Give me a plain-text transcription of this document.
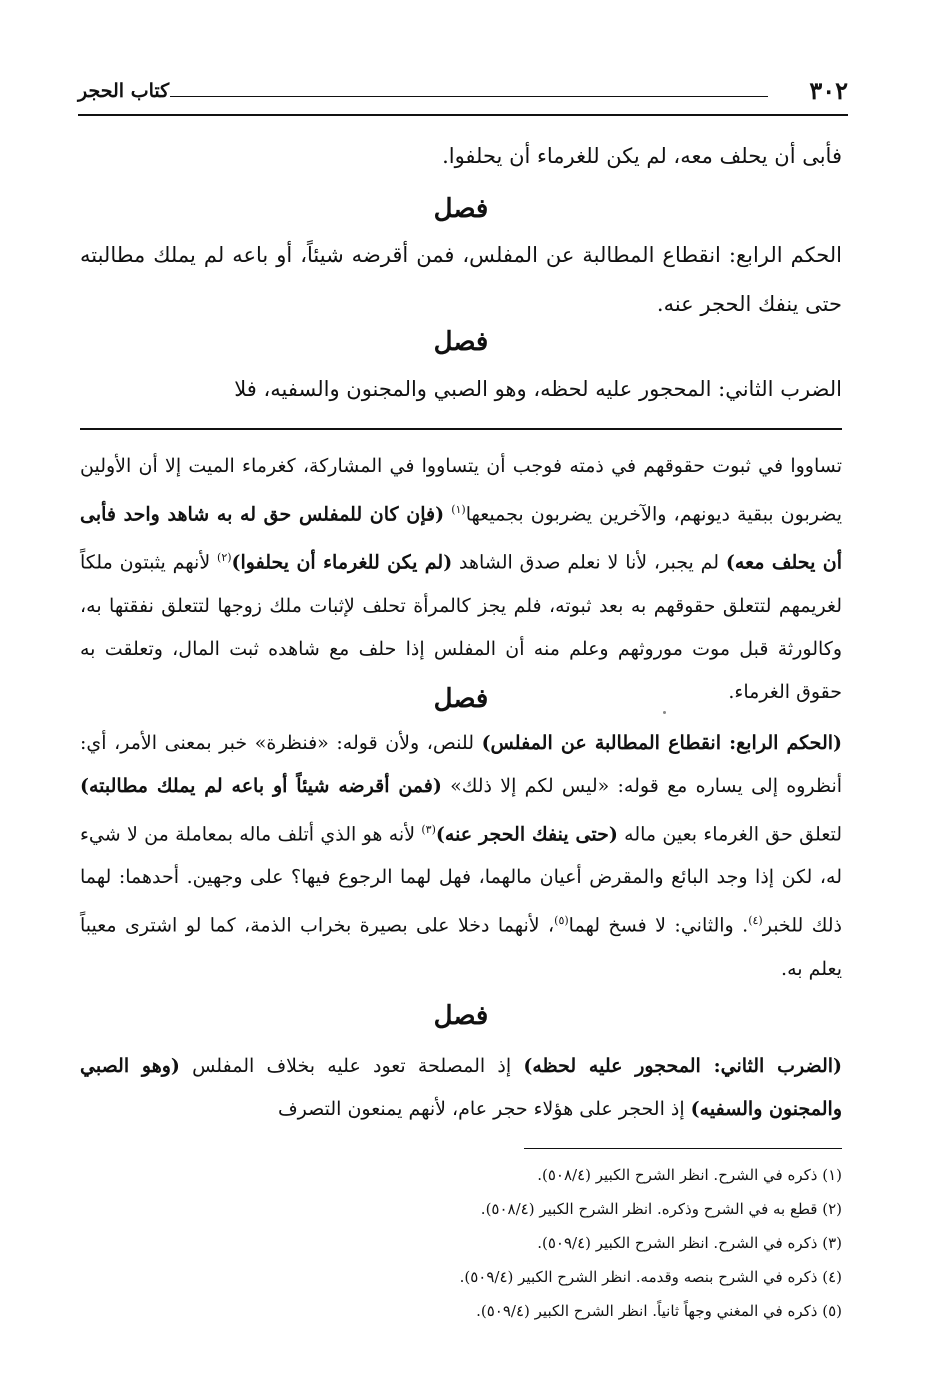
٣٠٢
كتاب الحجر
فأبى أن يحلف معه، لم يكن للغرماء أن يحلفوا.
فصل
الحكم الرابع: انقطاع المطالبة عن المفلس، فمن أقرضه شيئاً، أو باعه لم يملك مطالبته حتى ينفك الحجر عنه.
فصل
الضرب الثاني: المحجور عليه لحظه، وهو الصبي والمجنون والسفيه، فلا
تساووا في ثبوت حقوقهم في ذمته فوجب أن يتساووا في المشاركة، كغرماء الميت إلا أن الأولين يضربون ببقية ديونهم، والآخرين يضربون بجميعها$^{(١)}$ (فإن كان للمفلس حق له به شاهد واحد فأبى أن يحلف معه) لم يجبر، لأنا لا نعلم صدق الشاهد (لم يكن للغرماء أن يحلفوا)$^{(٢)}$ لأنهم يثبتون ملكاً لغريمهم لتتعلق حقوقهم به بعد ثبوته، فلم يجز كالمرأة تحلف لإثبات ملك زوجها لتتعلق نفقتها به، وكالورثة قبل موت موروثهم وعلم منه أن المفلس إذا حلف مع شاهده ثبت المال، وتعلقت به حقوق الغرماء.
فصل
(الحكم الرابع: انقطاع المطالبة عن المفلس) للنص، ولأن قوله: «فنظرة» خبر بمعنى الأمر، أي: أنظروه إلى يساره مع قوله: «ليس لكم إلا ذلك» (فمن أقرضه شيئاً أو باعه لم يملك مطالبته) لتعلق حق الغرماء بعين ماله (حتى ينفك الحجر عنه)$^{(٣)}$ لأنه هو الذي أتلف ماله بمعاملة من لا شيء له، لكن إذا وجد البائع والمقرض أعيان مالهما، فهل لهما الرجوع فيها؟ على وجهين. أحدهما: لهما ذلك للخبر$^{(٤)}$. والثاني: لا فسخ لهما$^{(٥)}$، لأنهما دخلا على بصيرة بخراب الذمة، كما لو اشترى معيباً يعلم به.
فصل
(الضرب الثاني: المحجور عليه لحظه) إذ المصلحة تعود عليه بخلاف المفلس (وهو الصبي والمجنون والسفيه) إذ الحجر على هؤلاء حجر عام، لأنهم يمنعون التصرف
(١) ذكره في الشرح. انظر الشرح الكبير (٥٠٨/٤).
(٢) قطع به في الشرح وذكره. انظر الشرح الكبير (٥٠٨/٤).
(٣) ذكره في الشرح. انظر الشرح الكبير (٥٠٩/٤).
(٤) ذكره في الشرح بنصه وقدمه. انظر الشرح الكبير (٥٠٩/٤).
(٥) ذكره في المغني وجهاً ثانياً. انظر الشرح الكبير (٥٠٩/٤).
